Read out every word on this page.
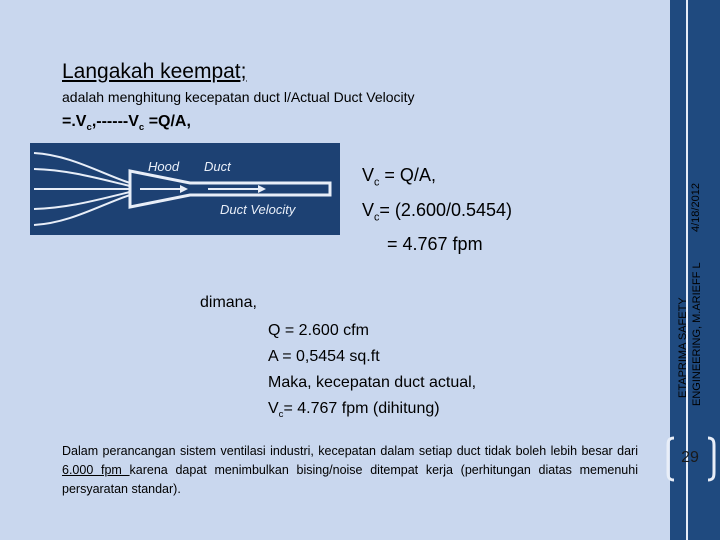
4/18/2012
ETAPRIMA SAFETY ENGINEERING, M.ARIEFF L
Langakah keempat;
adalah menghitung kecepatan duct l/Actual Duct Velocity
$=.V_c,------V_c =Q/A$,
Hood Duct
Duct Velocity
$V_c = Q/A$,
$V_c= (2.600/0.5454)$
= 4.767 fpm
dimana,
Q = 2.600 cfm
A = 0,5454 sq.ft
Maka, kecepatan duct actual,
$V_c= 4.767$ fpm (dihitung)
Dalam perancangan sistem ventilasi industri, kecepatan dalam setiap duct tidak boleh lebih besar dari 6.000 fpm karena dapat menimbulkan bising/noise ditempat kerja (perhitungan diatas memenuhi persyaratan standar).
29
